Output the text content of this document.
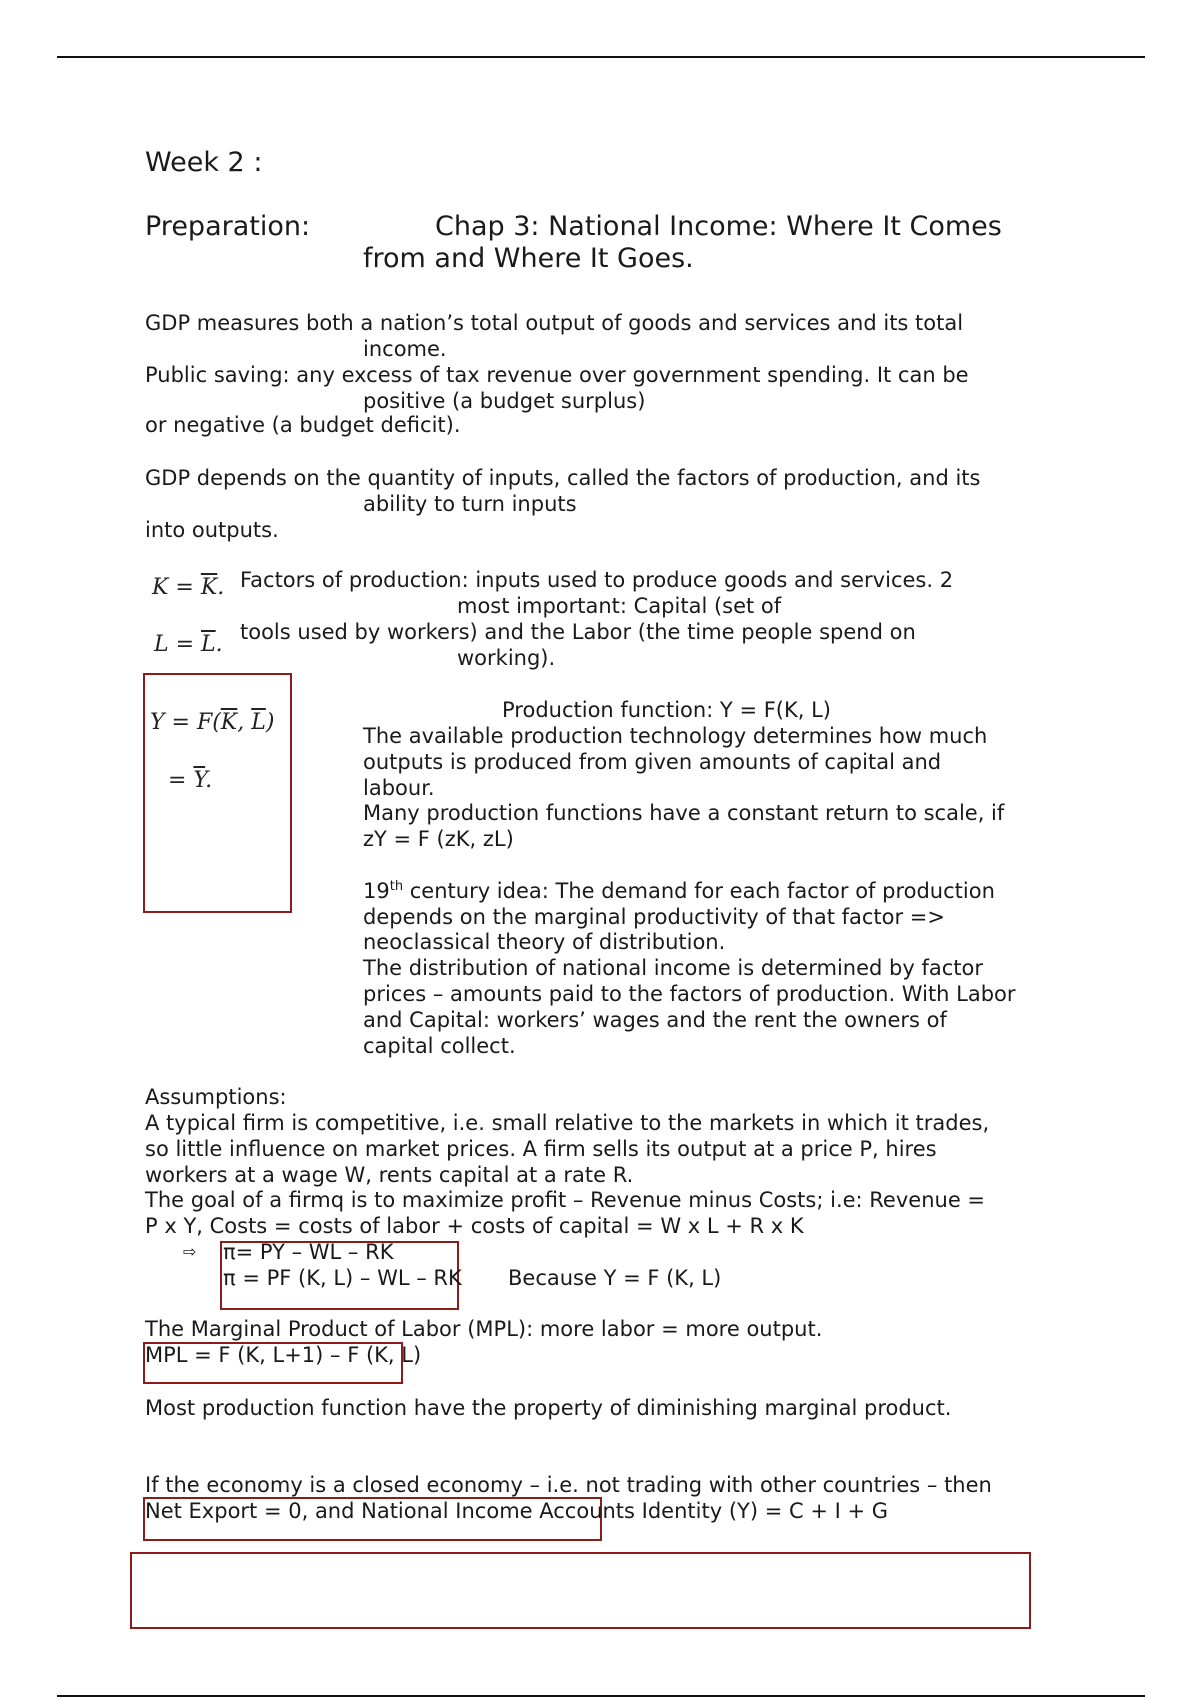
Week 2 :
Preparation:	Chap 3: National Income: Where It Comes
from and Where It Goes.
GDP measures both a nation’s total output of goods and services and its total
income.
Public saving: any excess of tax revenue over government spending. It can be
positive (a budget surplus)
or negative (a budget deficit).
GDP depends on the quantity of inputs, called the factors of production, and its
ability to turn inputs
into outputs.
$K = \overline{K}$.
$L = \overline{L}$.
Factors of production: inputs used to produce goods and services. 2
most important: Capital (set of
tools used by workers) and the Labor (the time people spend on
working).
$Y = F(\overline{K}$, $\overline{L}$)
= $\overline{Y}$.
Production function: Y = F(K, L)
The available production technology determines how much
outputs is produced from given amounts of capital and
labour.
Many production functions have a constant return to scale, if
zY = F (zK, zL)
19th century idea: The demand for each factor of production
depends on the marginal productivity of that factor =>
neoclassical theory of distribution.
The distribution of national income is determined by factor
prices – amounts paid to the factors of production. With Labor
and Capital: workers’ wages and the rent the owners of
capital collect.
Assumptions:
A typical firm is competitive, i.e. small relative to the markets in which it trades,
so little influence on market prices. A firm sells its output at a price P, hires
workers at a wage W, rents capital at a rate R.
The goal of a firmq is to maximize profit – Revenue minus Costs; i.e: Revenue =
P x Y, Costs = costs of labor + costs of capital = W x L + R x K
⇨ π= PY – WL – RK
π = PF (K, L) – WL – RK Because Y = F (K, L)
The Marginal Product of Labor (MPL): more labor = more output.
MPL = F (K, L+1) – F (K, L)
Most production function have the property of diminishing marginal product.
If the economy is a closed economy – i.e. not trading with other countries – then
Net Export = 0, and National Income Accounts Identity (Y) = C + I + G
